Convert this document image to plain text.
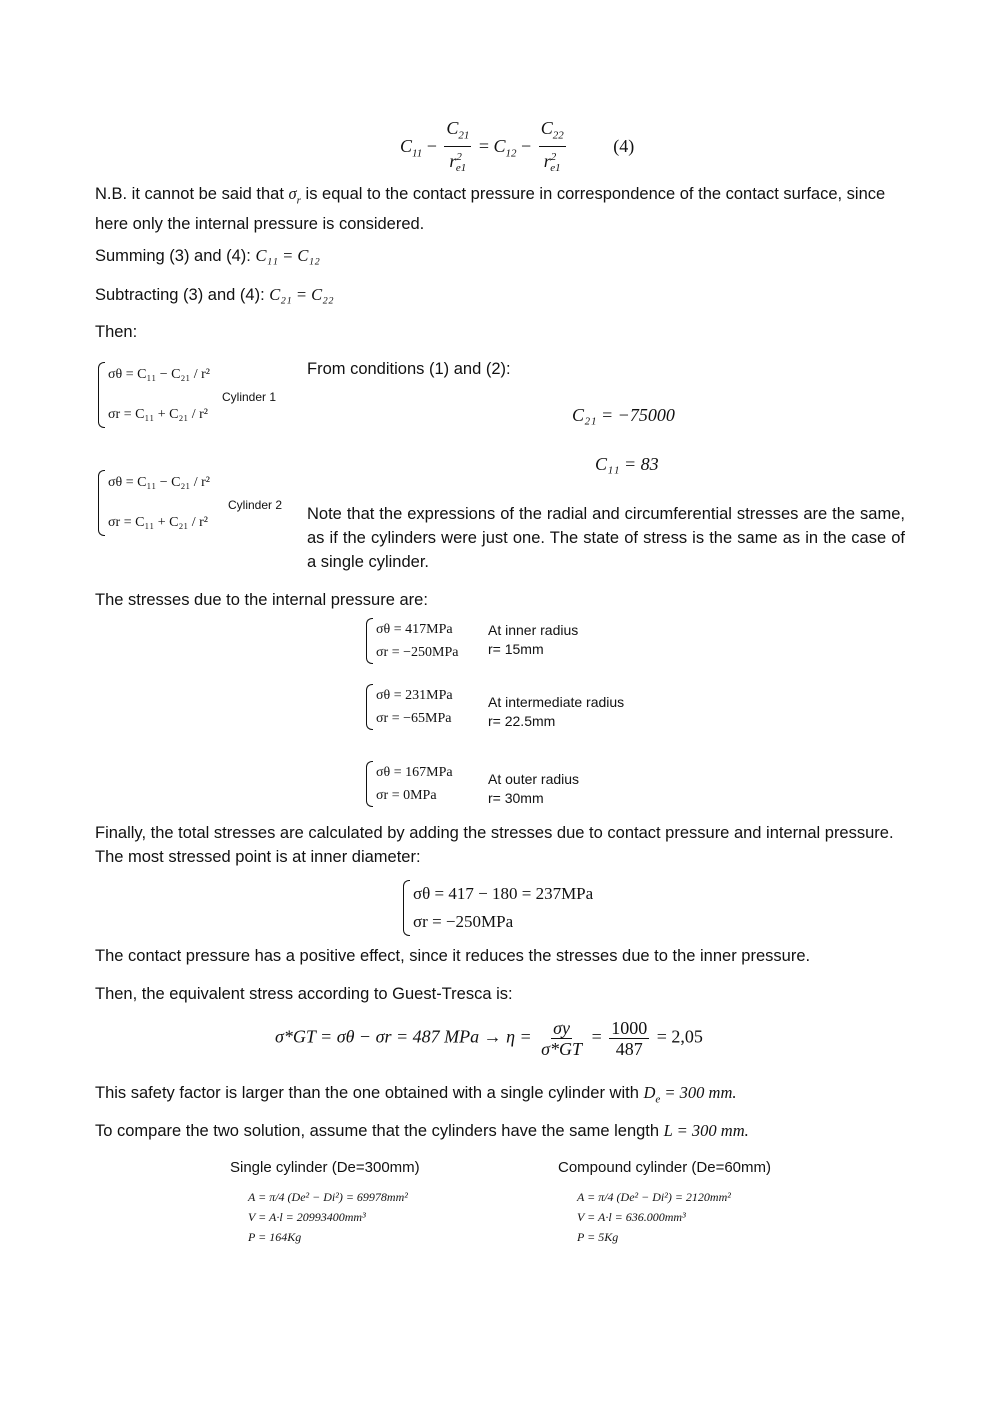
$C_{11} - \frac{C_{21}}{r^2_{e1}} = C_{12} - \frac{C_{22}}{r^2_{e1}}$	(4)
N.B. it cannot be said that $\sigma_r$ is equal to the contact pressure in correspondence of the contact surface, since here only the internal pressure is considered.
Summing (3) and (4): C₁₁ = C₁₂
Subtracting (3) and (4): C₂₁ = C₂₂
Then:
σθ = C₁₁ − C₂₁ / r²
σr = C₁₁ + C₂₁ / r²
Cylinder 1
σθ = C₁₁ − C₂₁ / r²
σr = C₁₁ + C₂₁ / r²
Cylinder 2
From conditions (1) and (2):
C₂₁ = −75000
C₁₁ = 83
Note that the expressions of the radial and circumferential stresses are the same, as if the cylinders were just one. The state of stress is the same as in the case of a single cylinder.
The stresses due to the internal pressure are:
σθ = 417MPa
σr = −250MPa
At inner radius
r= 15mm
σθ = 231MPa
σr = −65MPa
At intermediate radius
r= 22.5mm
σθ = 167MPa
σr = 0MPa
At outer radius
r= 30mm
Finally, the total stresses are calculated by adding the stresses due to contact pressure and internal pressure. The most stressed point is at inner diameter:
σθ = 417 − 180 = 237MPa
σr = −250MPa
The contact pressure has a positive effect, since it reduces the stresses due to the inner pressure.
Then, the equivalent stress according to Guest-Tresca is:
σ*GT = σθ − σr = 487 MPa → $\eta = \frac{\sigma y}{\sigma*GT} = \frac{1000}{487} = 2,05$
This safety factor is larger than the one obtained with a single cylinder with $D_e = 300$ mm.
To compare the two solution, assume that the cylinders have the same length L = 300 mm.
Single cylinder (De=300mm)
A = π/4 (De² − Di²) = 69978mm²
V = A·l = 20993400mm³
P = 164Kg
Compound cylinder (De=60mm)
A = π/4 (De² − Di²) = 2120mm²
V = A·l = 636.000mm³
P = 5Kg
